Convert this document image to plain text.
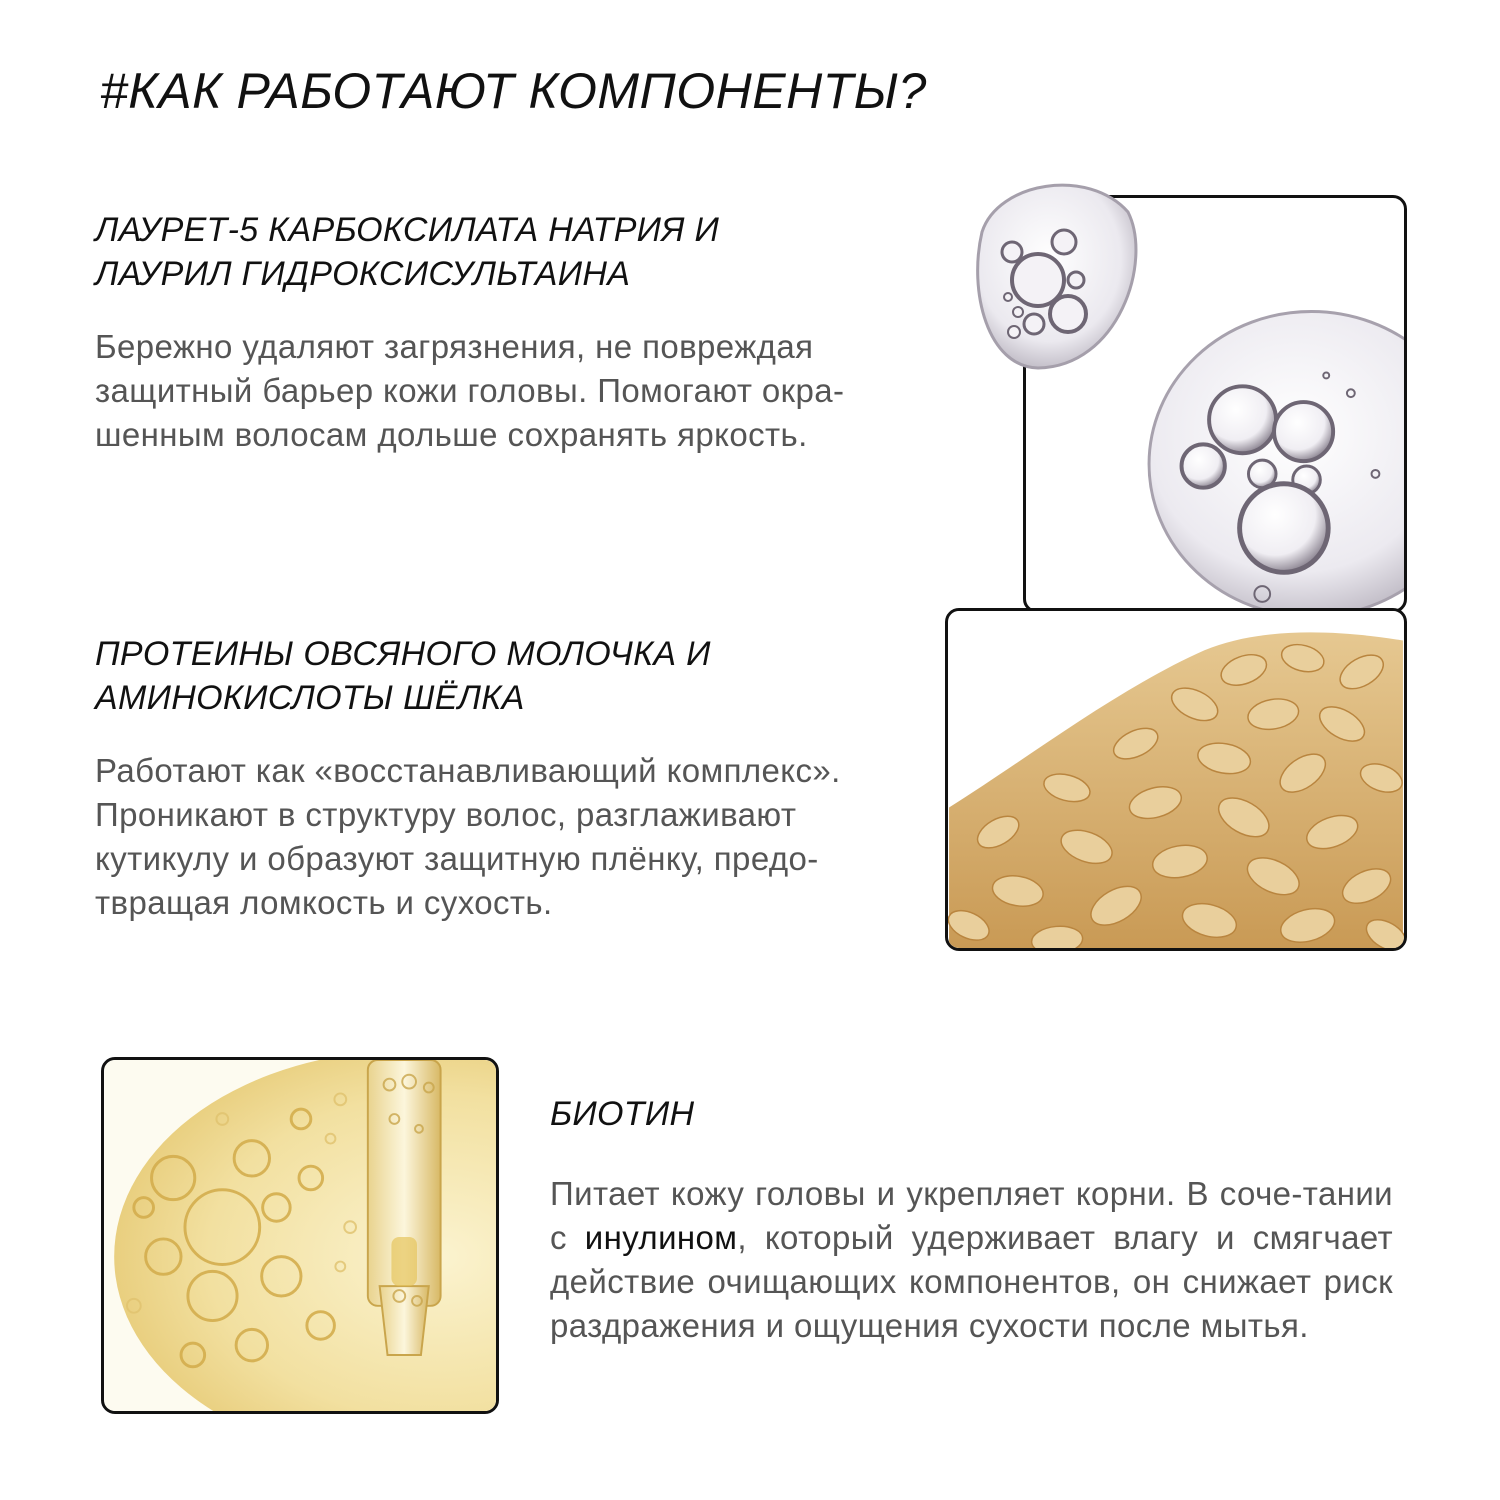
#КАК РАБОТАЮТ КОМПОНЕНТЫ?

ЛАУРЕТ-5 КАРБОКСИЛАТА НАТРИЯ И
ЛАУРИЛ ГИДРОКСИСУЛЬТАИНА

Бережно удаляют загрязнения, не повреждая
защитный барьер кожи головы. Помогают окра-
шенным волосам дольше сохранять яркость.

ПРОТЕИНЫ ОВСЯНОГО МОЛОЧКА И
АМИНОКИСЛОТЫ ШЁЛКА

Работают как «восстанавливающий комплекс».
Проникают в структуру волос, разглаживают
кутикулу и образуют защитную плёнку, предо-
твращая ломкость и сухость.

БИОТИН

Питает кожу головы и укрепляет корни. В соче-тании с инулином, который удерживает влагу и смягчает действие очищающих компонентов, он снижает риск раздражения и ощущения сухости после мытья.
